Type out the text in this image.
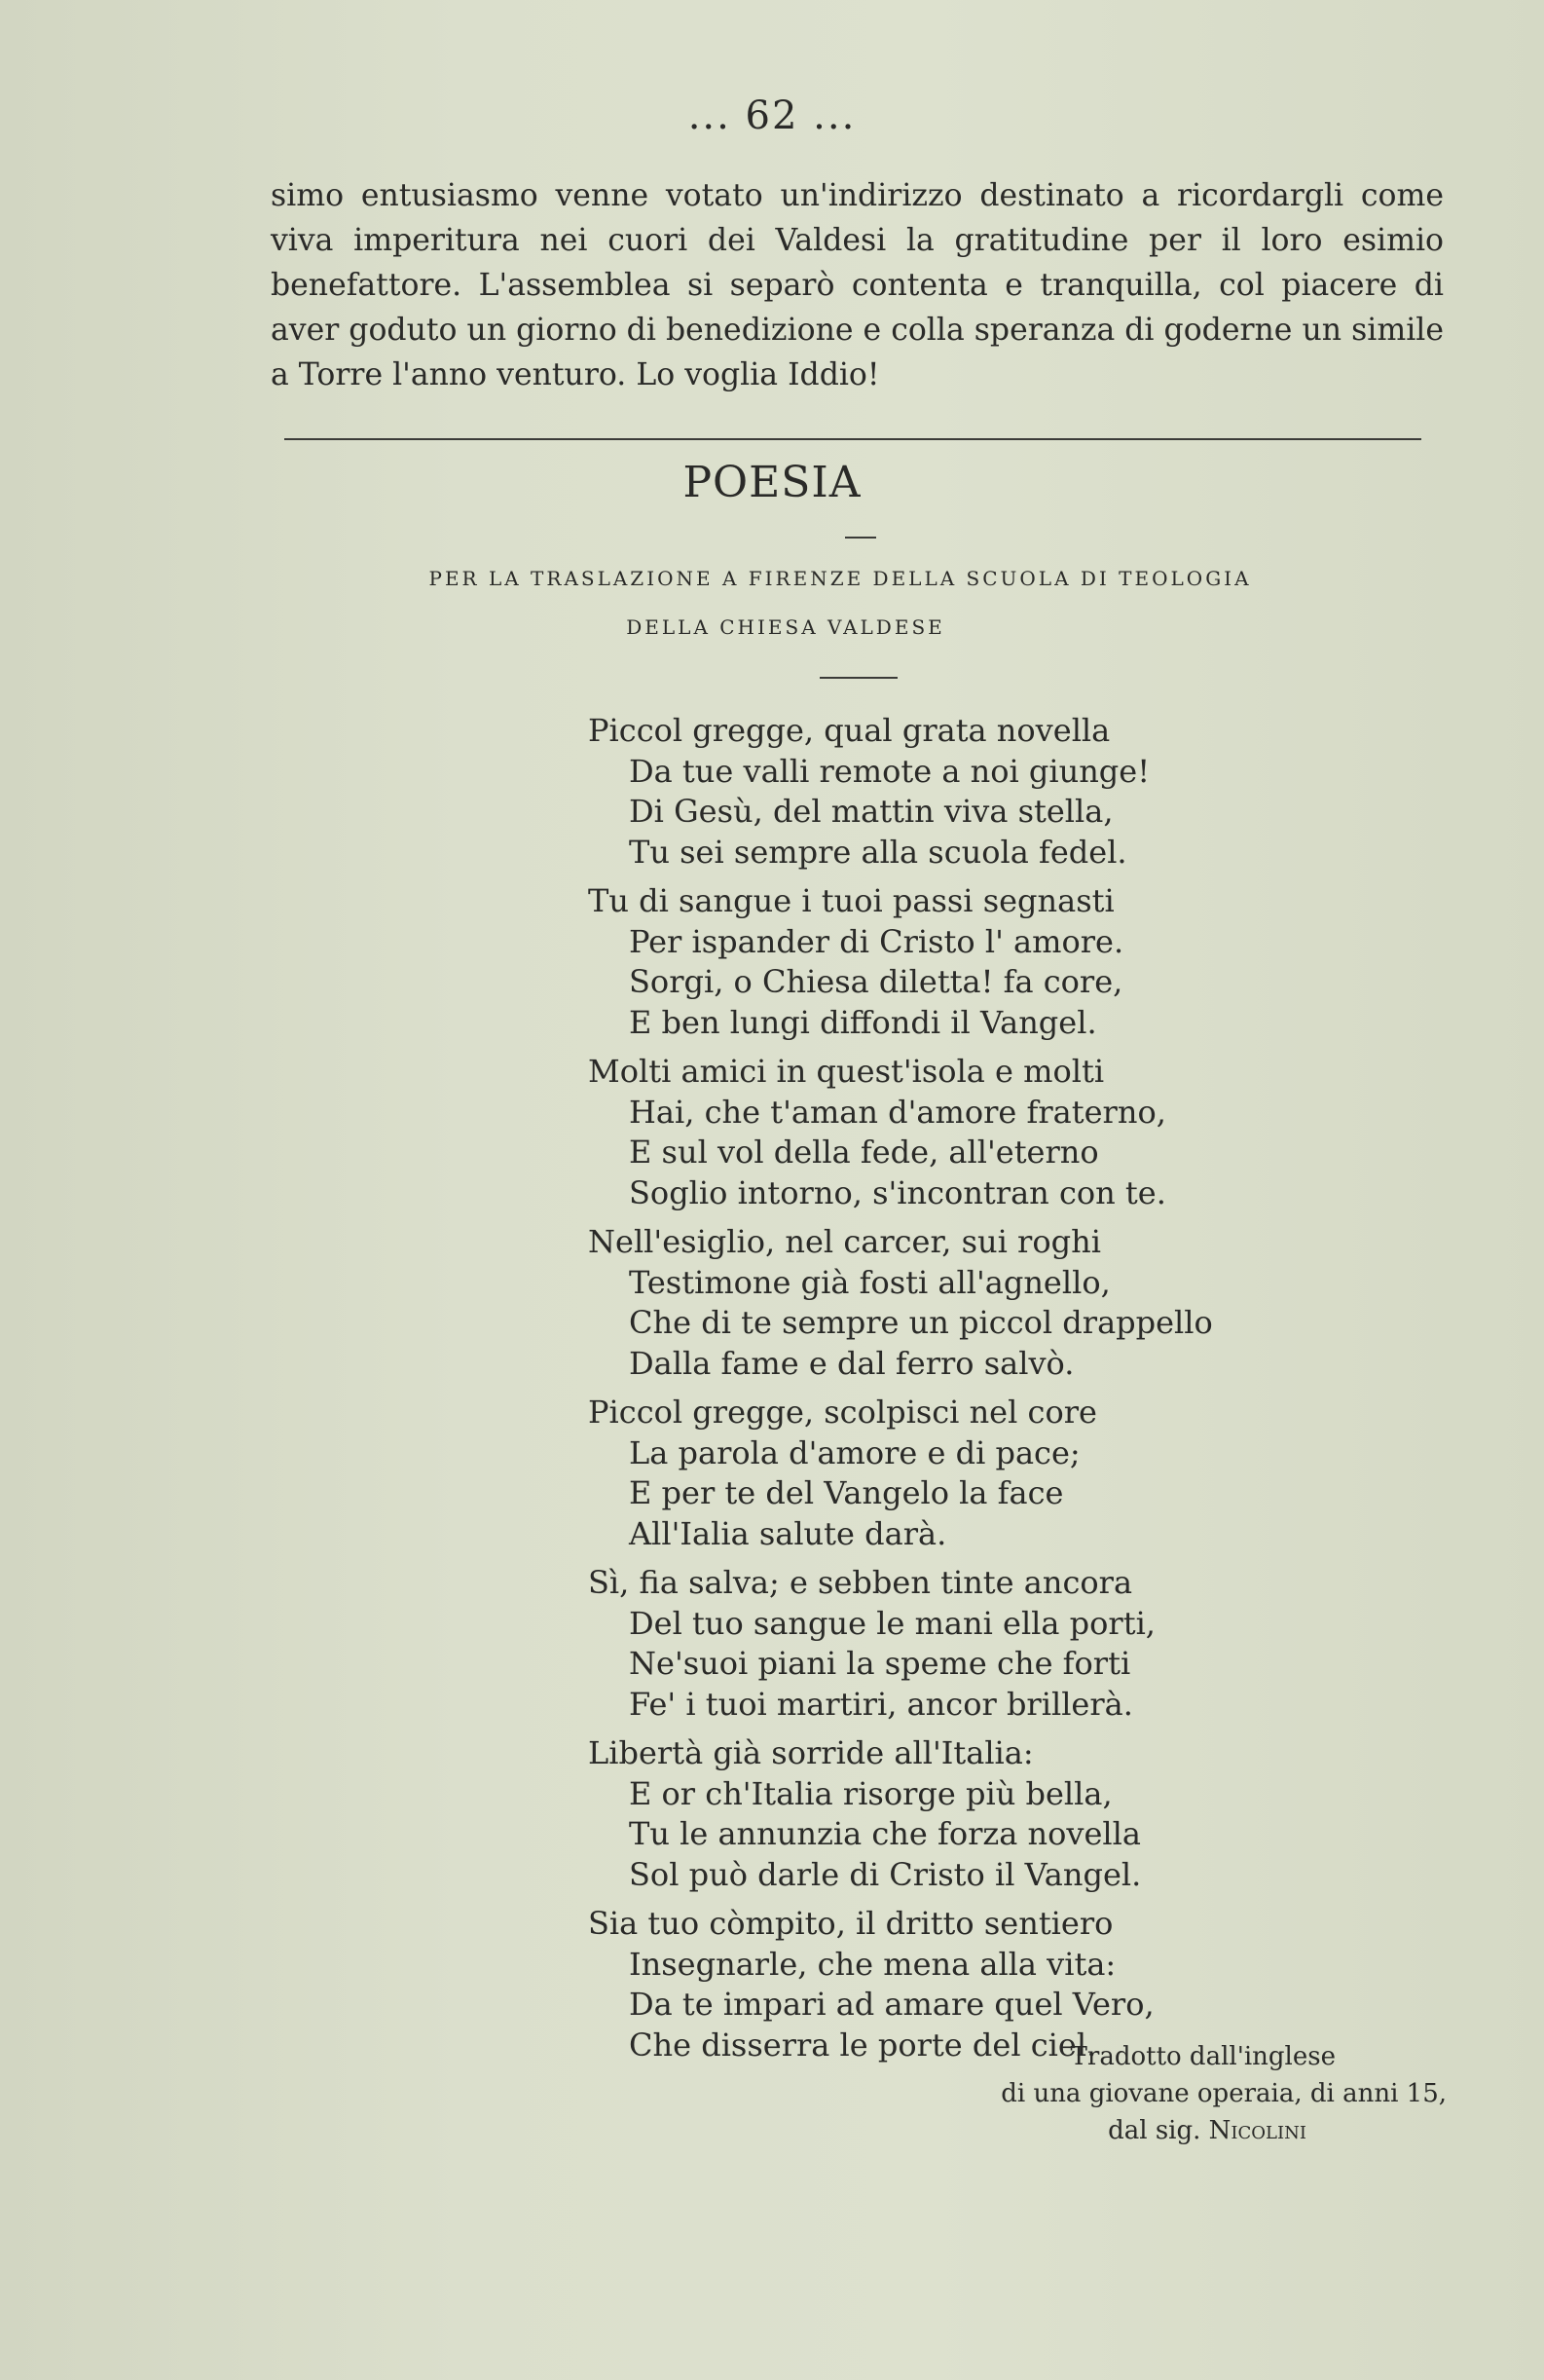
... 62 ...

simo entusiasmo venne votato un'indirizzo destinato a ricordargli come viva imperitura nei cuori dei Valdesi la gratitudine per il loro esimio benefattore. L'assemblea si separò contenta e tranquilla, col piacere di aver goduto un giorno di benedizione e colla speranza di goderne un simile a Torre l'anno venturo. Lo voglia Iddio!

POESIA
PER LA TRASLAZIONE A FIRENZE DELLA SCUOLA DI TEOLOGIA
DELLA CHIESA VALDESE
Piccol gregge, qual grata novella
Da tue valli remote a noi giunge!
Di Gesù, del mattin viva stella,
Tu sei sempre alla scuola fedel.
Tu di sangue i tuoi passi segnasti
Per ispander di Cristo l' amore.
Sorgi, o Chiesa diletta! fa core,
E ben lungi diffondi il Vangel.
Molti amici in quest'isola e molti
Hai, che t'aman d'amore fraterno,
E sul vol della fede, all'eterno
Soglio intorno, s'incontran con te.
Nell'esiglio, nel carcer, sui roghi
Testimone già fosti all'agnello,
Che di te sempre un piccol drappello
Dalla fame e dal ferro salvò.
Piccol gregge, scolpisci nel core
La parola d'amore e di pace;
E per te del Vangelo la face
All'Ialia salute darà.
Sì, fia salva; e sebben tinte ancora
Del tuo sangue le mani ella porti,
Ne'suoi piani la speme che forti
Fe' i tuoi martiri, ancor brillerà.
Libertà già sorride all'Italia:
E or ch'Italia risorge più bella,
Tu le annunzia che forza novella
Sol può darle di Cristo il Vangel.
Sia tuo còmpito, il dritto sentiero
Insegnarle, che mena alla vita:
Da te impari ad amare quel Vero,
Che disserra le porte del ciel.
Tradotto dall'inglese
di una giovane operaia, di anni 15,
dal sig. Nicolini
